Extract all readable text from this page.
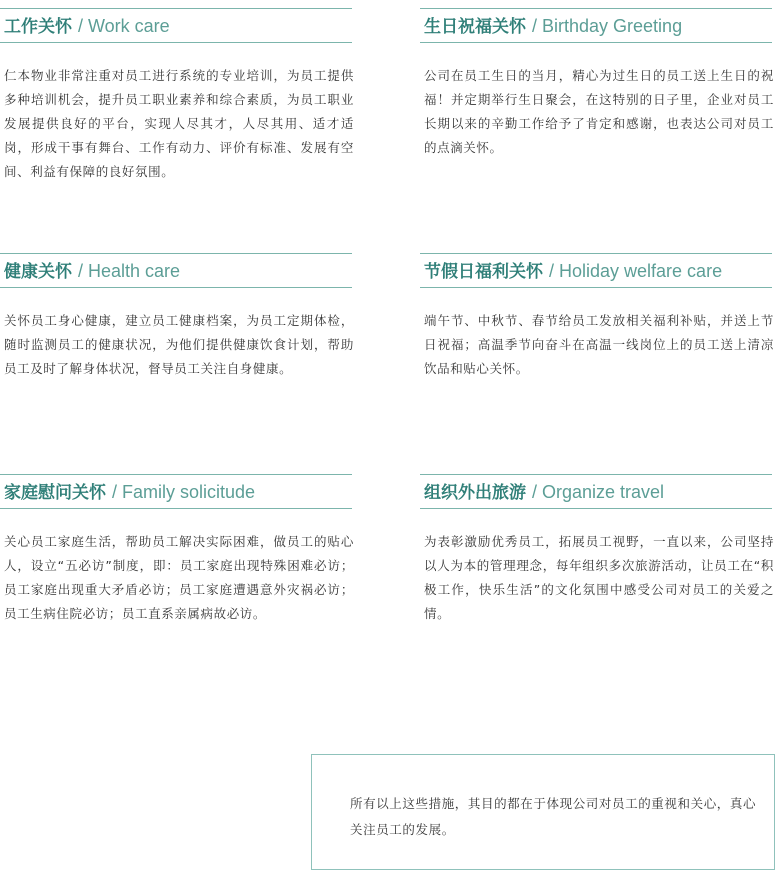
工作关怀 / Work care
仁本物业非常注重对员工进行系统的专业培训，为员工提供多种培训机会，提升员工职业素养和综合素质，为员工职业发展提供良好的平台，实现人尽其才，人尽其用、适才适岗，形成干事有舞台、工作有动力、评价有标准、发展有空间、利益有保障的良好氛围。
生日祝福关怀 / Birthday Greeting
公司在员工生日的当月，精心为过生日的员工送上生日的祝福！并定期举行生日聚会，在这特别的日子里，企业对员工长期以来的辛勤工作给予了肯定和感谢，也表达公司对员工的点滴关怀。
健康关怀 / Health care
关怀员工身心健康，建立员工健康档案，为员工定期体检，随时监测员工的健康状况，为他们提供健康饮食计划，帮助员工及时了解身体状况，督导员工关注自身健康。
节假日福利关怀 / Holiday welfare care
端午节、中秋节、春节给员工发放相关福利补贴，并送上节日祝福；高温季节向奋斗在高温一线岗位上的员工送上清凉饮品和贴心关怀。
家庭慰问关怀 / Family solicitude
关心员工家庭生活，帮助员工解决实际困难，做员工的贴心人，设立“五必访”制度，即：员工家庭出现特殊困难必访；员工家庭出现重大矛盾必访；员工家庭遭遇意外灾祸必访；员工生病住院必访；员工直系亲属病故必访。
组织外出旅游 / Organize travel
为表彰激励优秀员工，拓展员工视野，一直以来，公司坚持以人为本的管理理念，每年组织多次旅游活动，让员工在“积极工作，快乐生活”的文化氛围中感受公司对员工的关爱之情。
所有以上这些措施，其目的都在于体现公司对员工的重视和关心，真心关注员工的发展。
